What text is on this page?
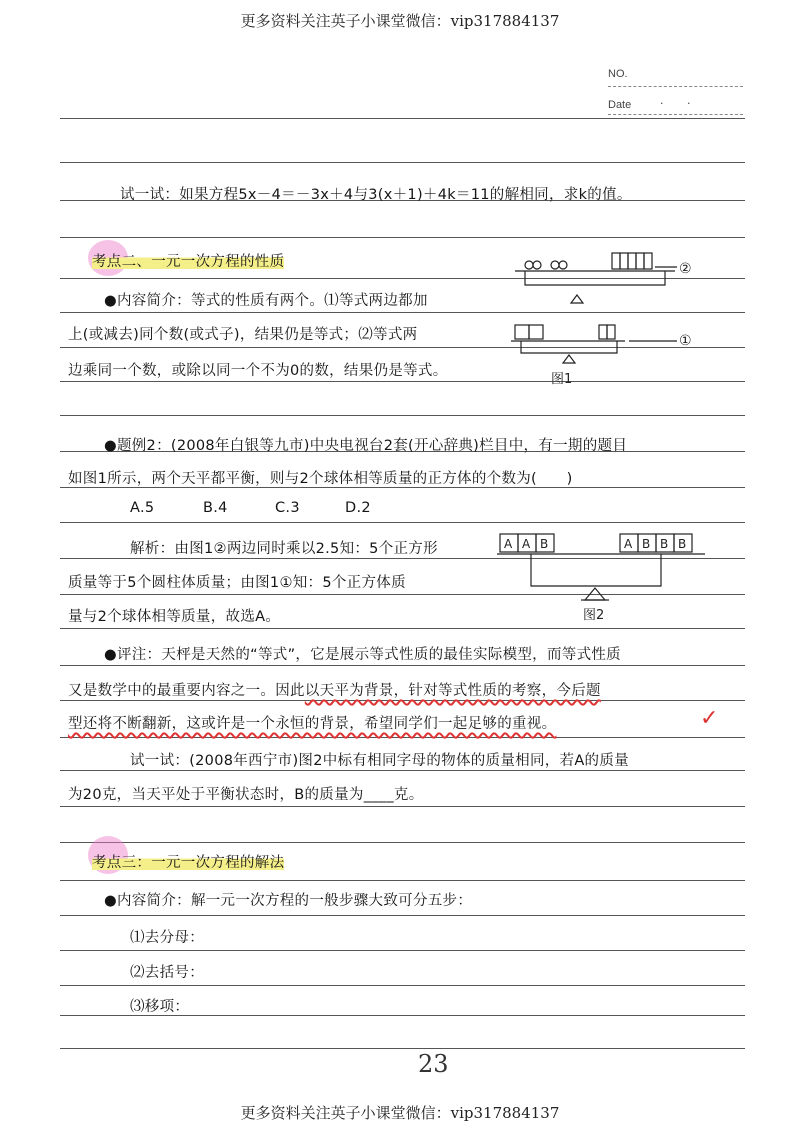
更多资料关注英子小课堂微信：vip317884137
NO.
Date	· ·
试一试：如果方程5x－4＝－3x＋4与3(x＋1)＋4k＝11的解相同，求k的值。
考点二、一元一次方程的性质
●内容简介：等式的性质有两个。⑴等式两边都加
上(或减去)同个数(或式子)，结果仍是等式；⑵等式两
边乘同一个数，或除以同一个不为0的数，结果仍是等式。
②
①
图1
●题例2：(2008年白银等九市)中央电视台2套(开心辞典)栏目中，有一期的题目
如图1所示，两个天平都平衡，则与2个球体相等质量的正方体的个数为(　　)
A.5	B.4	C.3	D.2
解析：由图1②两边同时乘以2.5知：5个正方形
质量等于5个圆柱体质量；由图1①知：5个正方体质
量与2个球体相等质量，故选A。
A A B	A B B B
图2
●评注：天枰是天然的“等式”，它是展示等式性质的最佳实际模型，而等式性质
又是数学中的最重要内容之一。因此以天平为背景，针对等式性质的考察，今后题
型还将不断翻新，这或许是一个永恒的背景，希望同学们一起足够的重视。	✓
试一试：(2008年西宁市)图2中标有相同字母的物体的质量相同，若A的质量
为20克，当天平处于平衡状态时，B的质量为____克。
考点三：一元一次方程的解法
●内容简介：解一元一次方程的一般步骤大致可分五步：
⑴去分母：
⑵去括号：
⑶移项：
23
更多资料关注英子小课堂微信：vip317884137
